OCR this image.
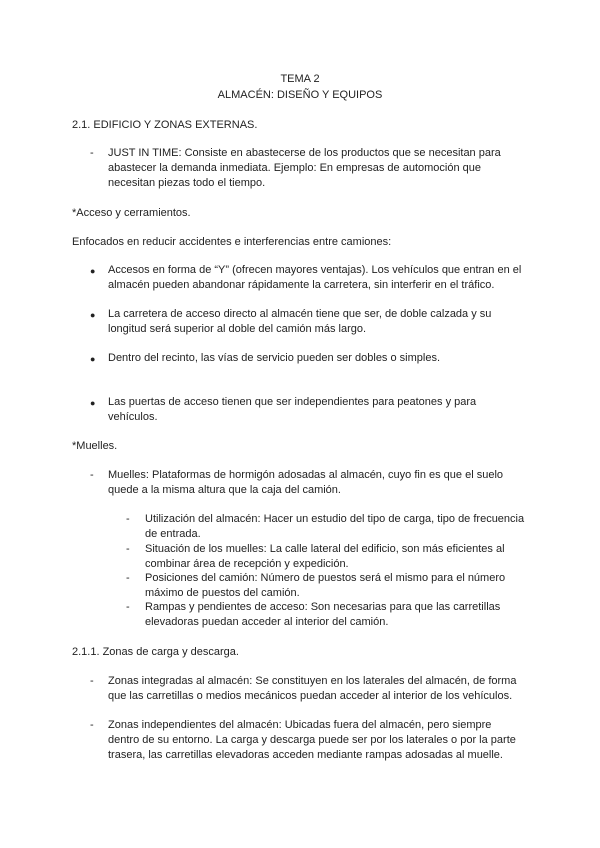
TEMA 2
ALMACÉN: DISEÑO Y EQUIPOS
2.1. EDIFICIO Y ZONAS EXTERNAS.
- JUST IN TIME: Consiste en abastecerse de los productos que se necesitan para
abastecer la demanda inmediata. Ejemplo: En empresas de automoción que
necesitan piezas todo el tiempo.
*Acceso y cerramientos.
Enfocados en reducir accidentes e interferencias entre camiones:
● Accesos en forma de “Y” (ofrecen mayores ventajas). Los vehículos que entran en el
almacén pueden abandonar rápidamente la carretera, sin interferir en el tráfico.
● La carretera de acceso directo al almacén tiene que ser, de doble calzada y su
longitud será superior al doble del camión más largo.
● Dentro del recinto, las vías de servicio pueden ser dobles o simples.
● Las puertas de acceso tienen que ser independientes para peatones y para
vehículos.
*Muelles.
- Muelles: Plataformas de hormigón adosadas al almacén, cuyo fin es que el suelo
quede a la misma altura que la caja del camión.
- Utilización del almacén: Hacer un estudio del tipo de carga, tipo de frecuencia
de entrada.
- Situación de los muelles: La calle lateral del edificio, son más eficientes al
combinar área de recepción y expedición.
- Posiciones del camión: Número de puestos será el mismo para el número
máximo de puestos del camión.
- Rampas y pendientes de acceso: Son necesarias para que las carretillas
elevadoras puedan acceder al interior del camión.
2.1.1. Zonas de carga y descarga.
- Zonas integradas al almacén: Se constituyen en los laterales del almacén, de forma
que las carretillas o medios mecánicos puedan acceder al interior de los vehículos.
- Zonas independientes del almacén: Ubicadas fuera del almacén, pero siempre
dentro de su entorno. La carga y descarga puede ser por los laterales o por la parte
trasera, las carretillas elevadoras acceden mediante rampas adosadas al muelle.
